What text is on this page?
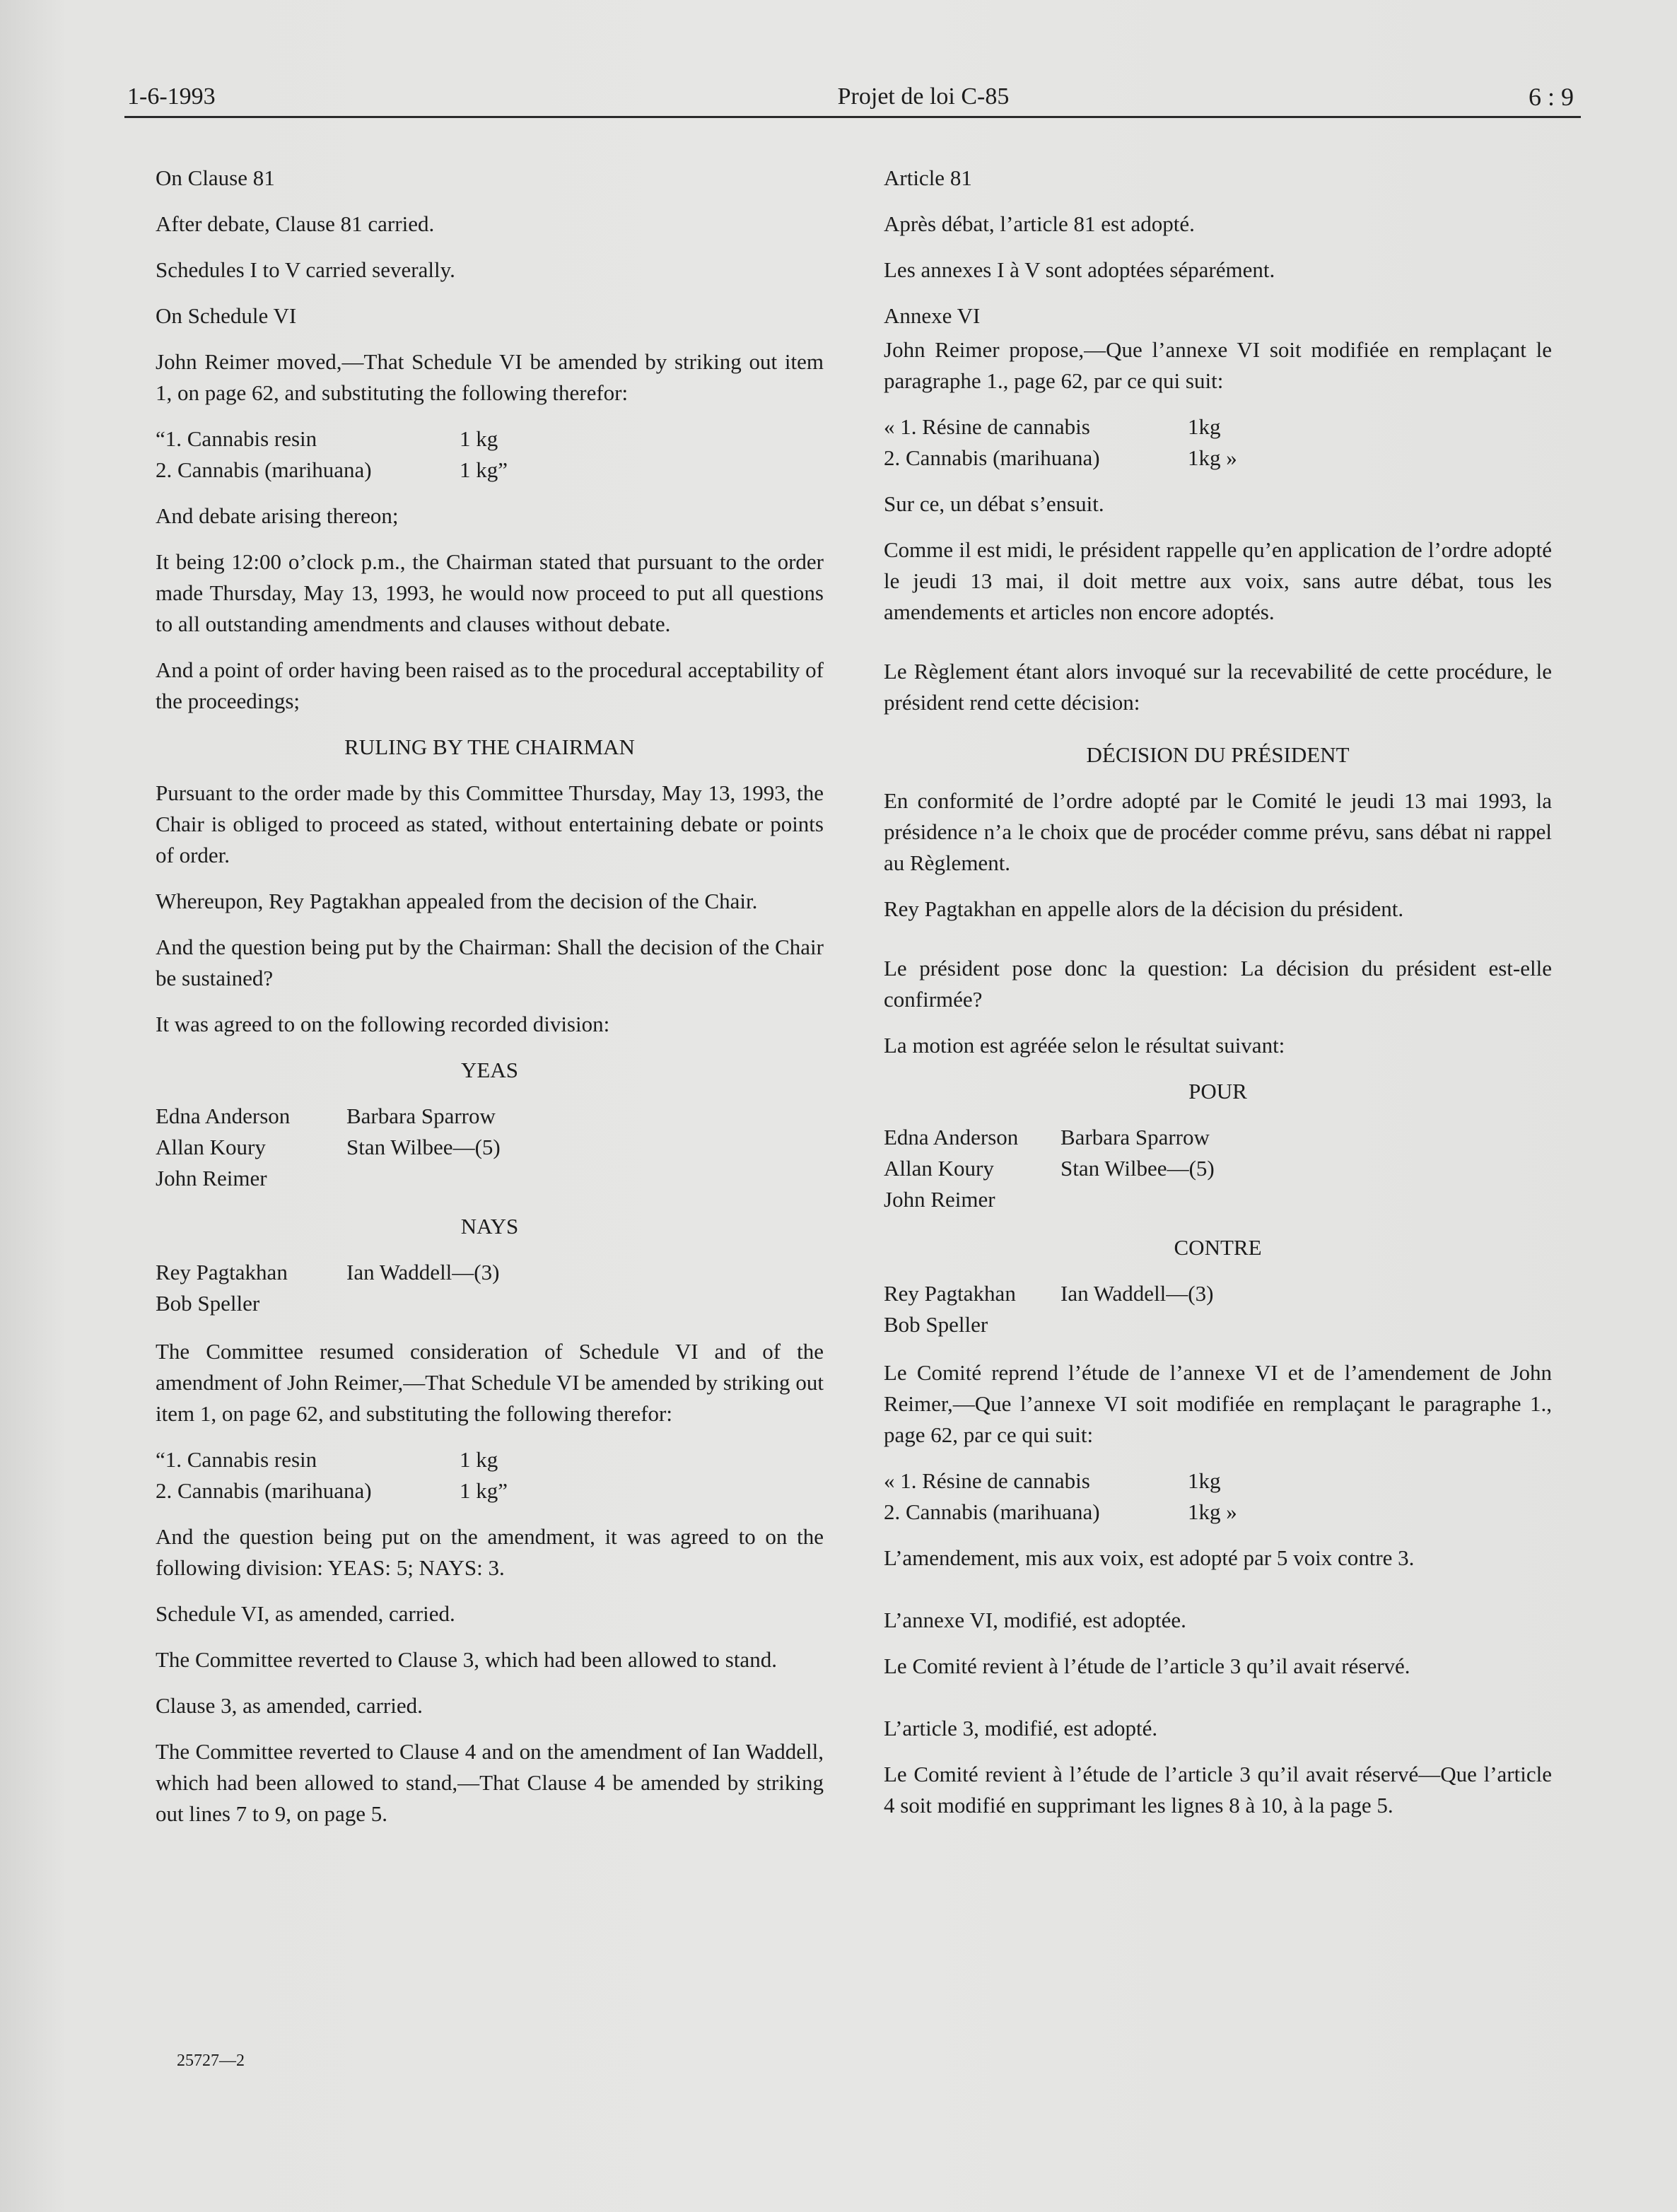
1-6-1993	Projet de loi C-85	6 : 9

On Clause 81

After debate, Clause 81 carried.

Schedules I to V carried severally.

On Schedule VI

John Reimer moved,—That Schedule VI be amended by striking out item 1, on page 62, and substituting the following therefor:

“1. Cannabis resin	1 kg
2. Cannabis (marihuana)	1 kg”

And debate arising thereon;

It being 12:00 o’clock p.m., the Chairman stated that pursuant to the order made Thursday, May 13, 1993, he would now proceed to put all questions to all outstanding amendments and clauses without debate.

And a point of order having been raised as to the procedural acceptability of the proceedings;

RULING BY THE CHAIRMAN

Pursuant to the order made by this Committee Thursday, May 13, 1993, the Chair is obliged to proceed as stated, without entertaining debate or points of order.

Whereupon, Rey Pagtakhan appealed from the decision of the Chair.

And the question being put by the Chairman: Shall the decision of the Chair be sustained?

It was agreed to on the following recorded division:

YEAS

Edna Anderson	Barbara Sparrow
Allan Koury	Stan Wilbee—(5)
John Reimer

NAYS

Rey Pagtakhan	Ian Waddell—(3)
Bob Speller

The Committee resumed consideration of Schedule VI and of the amendment of John Reimer,—That Schedule VI be amended by striking out item 1, on page 62, and substituting the following therefor:

“1. Cannabis resin	1 kg
2. Cannabis (marihuana)	1 kg”

And the question being put on the amendment, it was agreed to on the following division: YEAS: 5; NAYS: 3.

Schedule VI, as amended, carried.

The Committee reverted to Clause 3, which had been allowed to stand.

Clause 3, as amended, carried.

The Committee reverted to Clause 4 and on the amendment of Ian Waddell, which had been allowed to stand,—That Clause 4 be amended by striking out lines 7 to 9, on page 5.

Article 81

Après débat, l’article 81 est adopté.

Les annexes I à V sont adoptées séparément.

Annexe VI

John Reimer propose,—Que l’annexe VI soit modifiée en remplaçant le paragraphe 1., page 62, par ce qui suit:

« 1. Résine de cannabis	1kg
2. Cannabis (marihuana)	1kg »

Sur ce, un débat s’ensuit.

Comme il est midi, le président rappelle qu’en application de l’ordre adopté le jeudi 13 mai, il doit mettre aux voix, sans autre débat, tous les amendements et articles non encore adoptés.

Le Règlement étant alors invoqué sur la recevabilité de cette procédure, le président rend cette décision:

DÉCISION DU PRÉSIDENT

En conformité de l’ordre adopté par le Comité le jeudi 13 mai 1993, la présidence n’a le choix que de procéder comme prévu, sans débat ni rappel au Règlement.

Rey Pagtakhan en appelle alors de la décision du président.

Le président pose donc la question: La décision du président est-elle confirmée?

La motion est agréée selon le résultat suivant:

POUR

Edna Anderson	Barbara Sparrow
Allan Koury	Stan Wilbee—(5)
John Reimer

CONTRE

Rey Pagtakhan	Ian Waddell—(3)
Bob Speller

Le Comité reprend l’étude de l’annexe VI et de l’amendement de John Reimer,—Que l’annexe VI soit modifiée en remplaçant le paragraphe 1., page 62, par ce qui suit:

« 1. Résine de cannabis	1kg
2. Cannabis (marihuana)	1kg »

L’amendement, mis aux voix, est adopté par 5 voix contre 3.

L’annexe VI, modifié, est adoptée.

Le Comité revient à l’étude de l’article 3 qu’il avait réservé.

L’article 3, modifié, est adopté.

Le Comité revient à l’étude de l’article 3 qu’il avait réservé—Que l’article 4 soit modifié en supprimant les lignes 8 à 10, à la page 5.

25727—2
